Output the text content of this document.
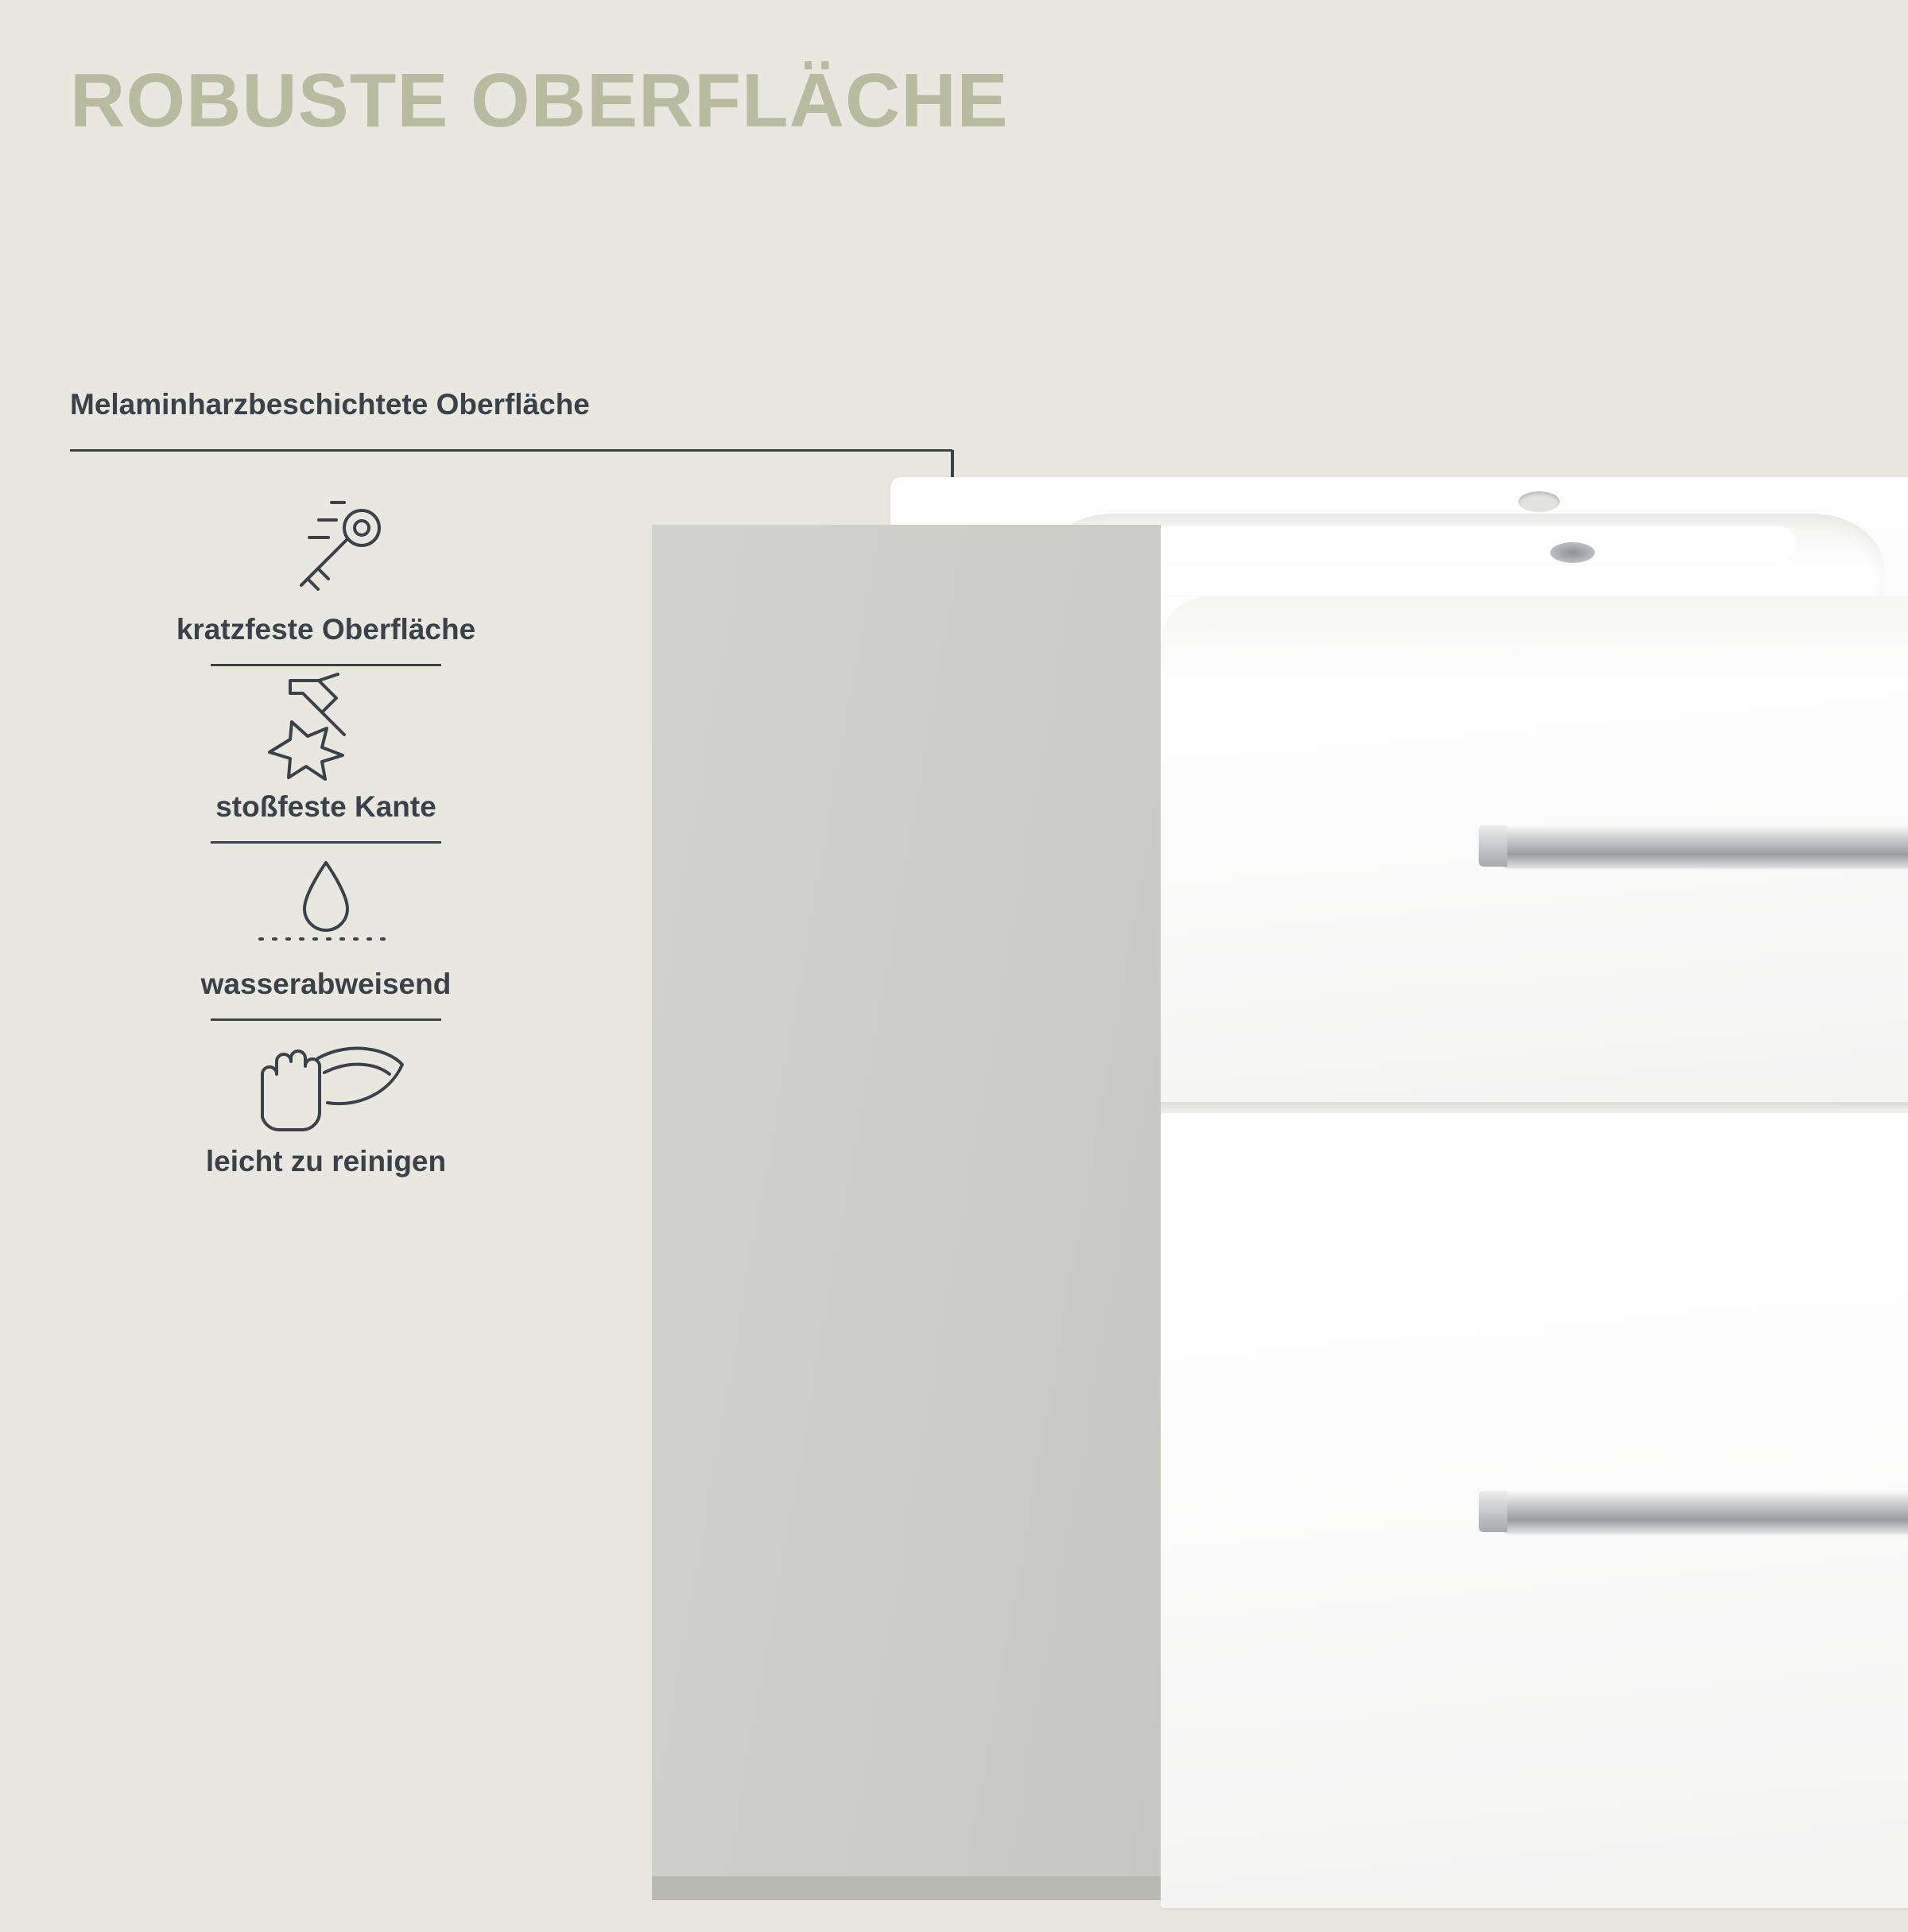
ROBUSTE OBERFLÄCHE
Melaminharzbeschichtete Oberfläche
kratzfeste Oberfläche
stoßfeste Kante
wasserabweisend
leicht zu reinigen
